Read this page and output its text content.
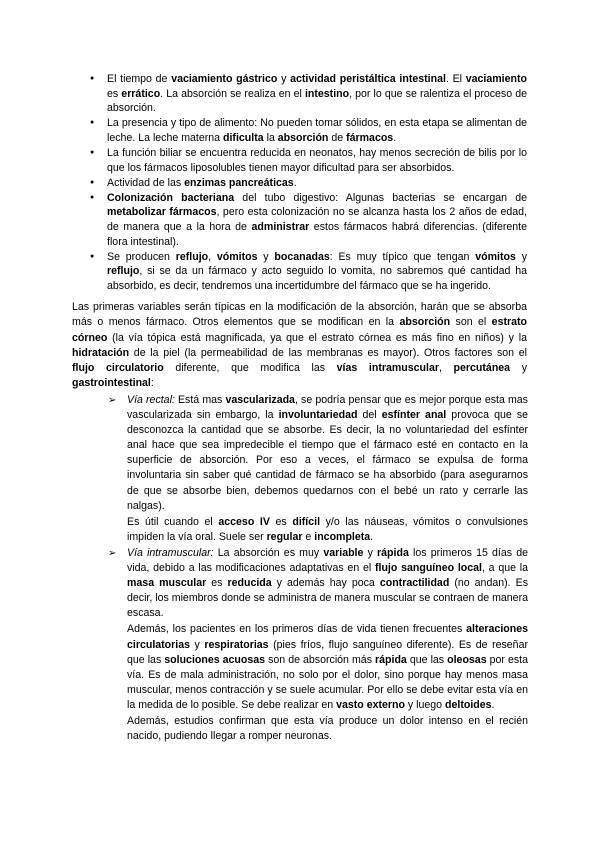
● El tiempo de vaciamiento gástrico y actividad peristáltica intestinal. El vaciamiento es errático. La absorción se realiza en el intestino, por lo que se ralentiza el proceso de absorción.
● La presencia y tipo de alimento: No pueden tomar sólidos, en esta etapa se alimentan de leche. La leche materna dificulta la absorción de fármacos.
● La función biliar se encuentra reducida en neonatos, hay menos secreción de bilis por lo que los fármacos liposolubles tienen mayor dificultad para ser absorbidos.
● Actividad de las enzimas pancreáticas.
● Colonización bacteriana del tubo digestivo: Algunas bacterias se encargan de metabolizar fármacos, pero esta colonización no se alcanza hasta los 2 años de edad, de manera que a la hora de administrar estos fármacos habrá diferencias. (diferente flora intestinal).
● Se producen reflujo, vómitos y bocanadas: Es muy típico que tengan vómitos y reflujo, si se da un fármaco y acto seguido lo vomita, no sabremos qué cantidad ha absorbido, es decir, tendremos una incertidumbre del fármaco que se ha ingerido.

Las primeras variables serán típicas en la modificación de la absorción, harán que se absorba más o menos fármaco. Otros elementos que se modifican en la absorción son el estrato córneo (la vía tópica está magnificada, ya que el estrato córnea es más fino en niños) y la hidratación de la piel (la permeabilidad de las membranas es mayor). Otros factores son el flujo circulatorio diferente, que modifica las vías intramuscular, percutánea y gastrointestinal:

➢ Vía rectal: Está mas vascularizada, se podría pensar que es mejor porque esta mas vascularizada sin embargo, la involuntariedad del esfínter anal provoca que se desconozca la cantidad que se absorbe. Es decir, la no voluntariedad del esfínter anal hace que sea impredecible el tiempo que el fármaco esté en contacto en la superficie de absorción. Por eso a veces, el fármaco se expulsa de forma involuntaria sin saber qué cantidad de fármaco se ha absorbido (para asegurarnos de que se absorbe bien, debemos quedarnos con el bebé un rato y cerrarle las nalgas).

Es útil cuando el acceso IV es difícil y/o las náuseas, vómitos o convulsiones impiden la vía oral. Suele ser regular e incompleta.

➢ Vía intramuscular: La absorción es muy variable y rápida los primeros 15 días de vida, debido a las modificaciones adaptativas en el flujo sanguíneo local, a que la masa muscular es reducida y además hay poca contractilidad (no andan). Es decir, los miembros donde se administra de manera muscular se contraen de manera escasa.

Además, los pacientes en los primeros días de vida tienen frecuentes alteraciones circulatorias y respiratorias (pies fríos, flujo sanguíneo diferente). Es de reseñar que las soluciones acuosas son de absorción más rápida que las oleosas por esta vía. Es de mala administración, no solo por el dolor, sino porque hay menos masa muscular, menos contracción y se suele acumular. Por ello se debe evitar esta vía en la medida de lo posible. Se debe realizar en vasto externo y luego deltoides.

Además, estudios confirman que esta vía produce un dolor intenso en el recién nacido, pudiendo llegar a romper neuronas.
